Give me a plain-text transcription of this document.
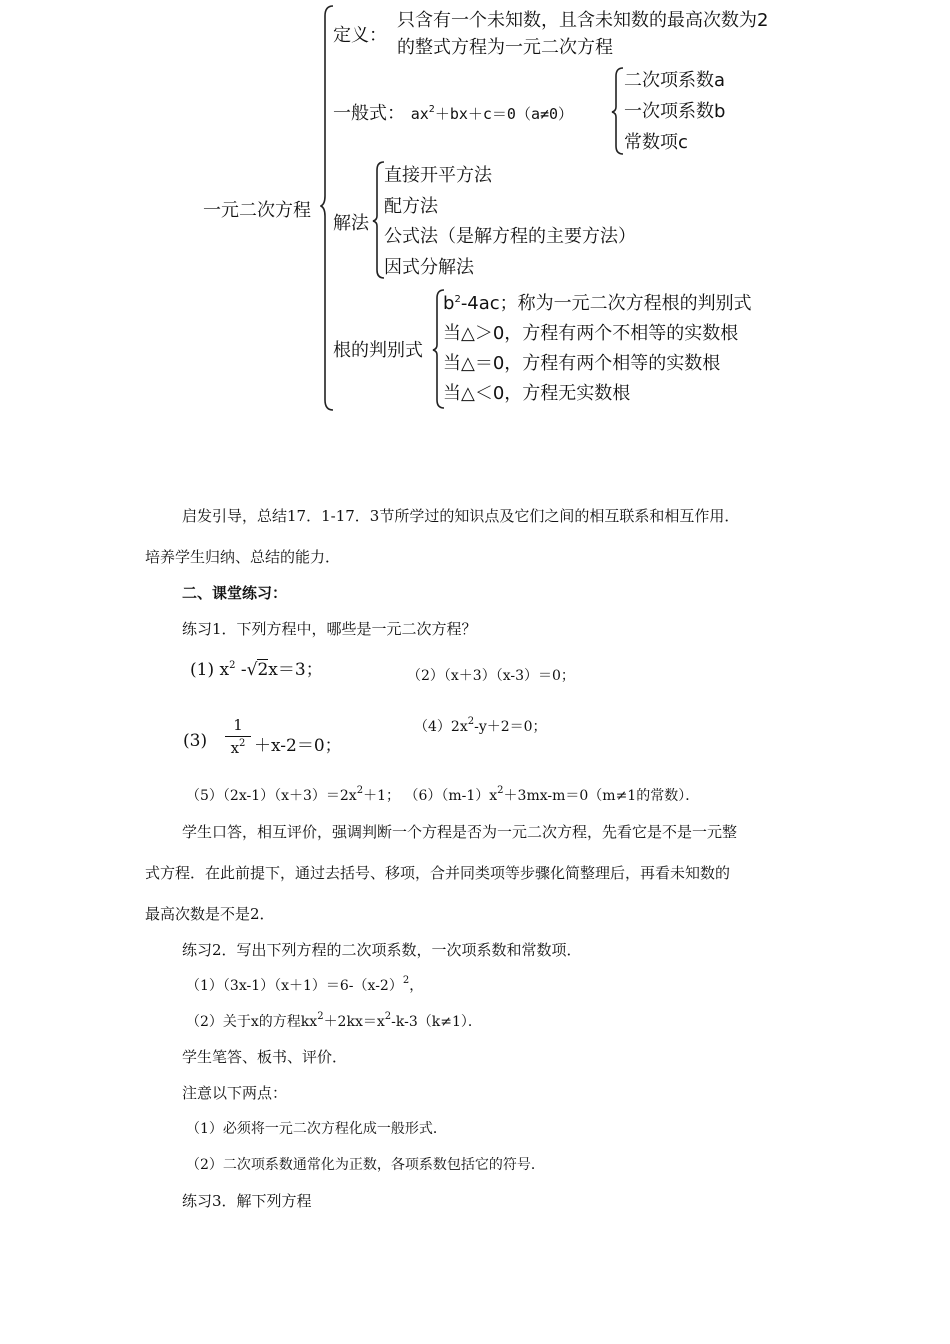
一元二次方程
定义：
只含有一个未知数，且含未知数的最高次数为2
的整式方程为一元二次方程
一般式： $ax^2+bx+c=0(a\ne 0)$
二次项系数a
一次项系数b
常数项c
解法
直接开平方法
配方法
公式法（是解方程的主要方法）
因式分解法
根的判别式
$b^2-4ac$；称为一元二次方程根的判别式
当△＞0，方程有两个不相等的实数根
当△＝0，方程有两个相等的实数根
当△＜0，方程无实数根
启发引导，总结17．1-17．3节所学过的知识点及它们之间的相互联系和相互作用．
培养学生归纳、总结的能力．
二、课堂练习：
练习1．下列方程中，哪些是一元二次方程？
(1) $x^2$ -√2x＝3；	（2）（x＋3）（x-3）＝0；
(3)
1
$x^2 +x-2=0$；
$(4)2x^2-y+2=0$；
$(5)(2x-1)(x+3)=2x^2+1$； $(6)(m-1)x^2+3mx-m=0(m\ne 1$的常数）．
学生口答，相互评价，强调判断一个方程是否为一元二次方程，先看它是不是一元整
式方程．在此前提下，通过去括号、移项，合并同类项等步骤化简整理后，再看未知数的
最高次数是不是2．
练习2．写出下列方程的二次项系数，一次项系数和常数项．
$(1)(3x-1)(x+1)=6-(x-2)^2$，
（2）关于x的方程$kx^2+2kx=x^2-k-3(k\ne 1)$．
学生笔答、板书、评价．
注意以下两点：
（1）必须将一元二次方程化成一般形式．
（2）二次项系数通常化为正数，各项系数包括它的符号．
练习3．解下列方程
